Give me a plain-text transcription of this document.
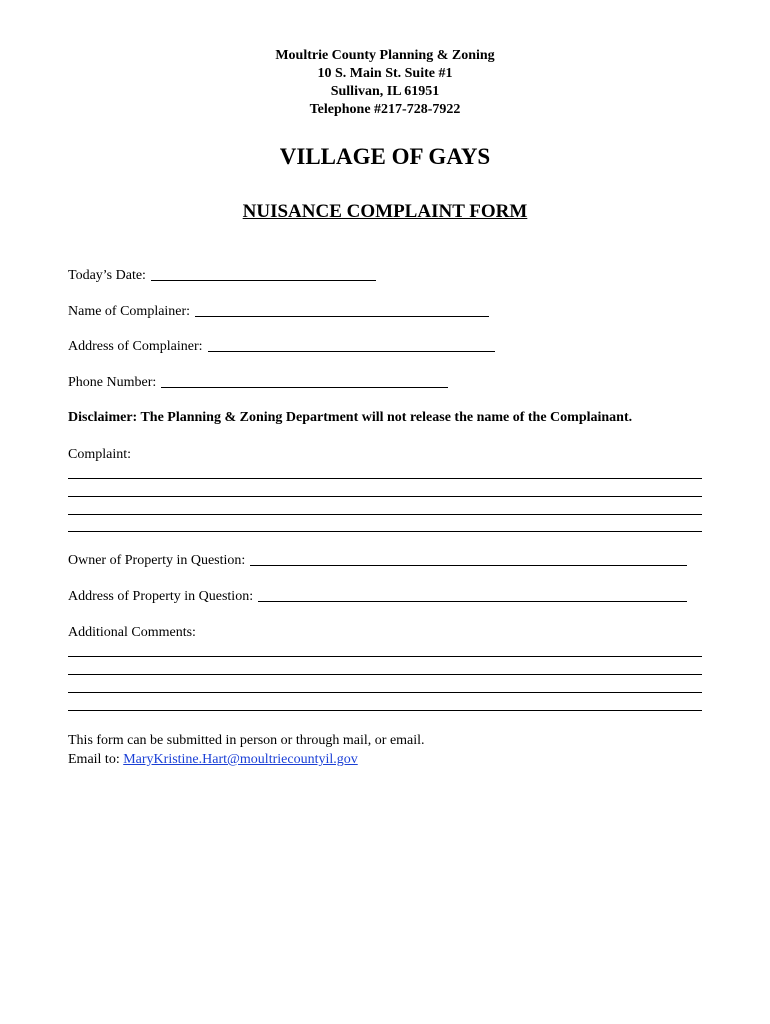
Moultrie County Planning & Zoning
10 S. Main St. Suite #1
Sullivan, IL 61951
Telephone #217-728-7922
VILLAGE OF GAYS
NUISANCE COMPLAINT FORM
Today’s Date:
Name of Complainer:
Address of Complainer:
Phone Number:
Disclaimer: The Planning & Zoning Department will not release the name of the Complainant.
Complaint:
Owner of Property in Question:
Address of Property in Question:
Additional Comments:
This form can be submitted in person or through mail, or email.
Email to: MaryKristine.Hart@moultriecountyil.gov
